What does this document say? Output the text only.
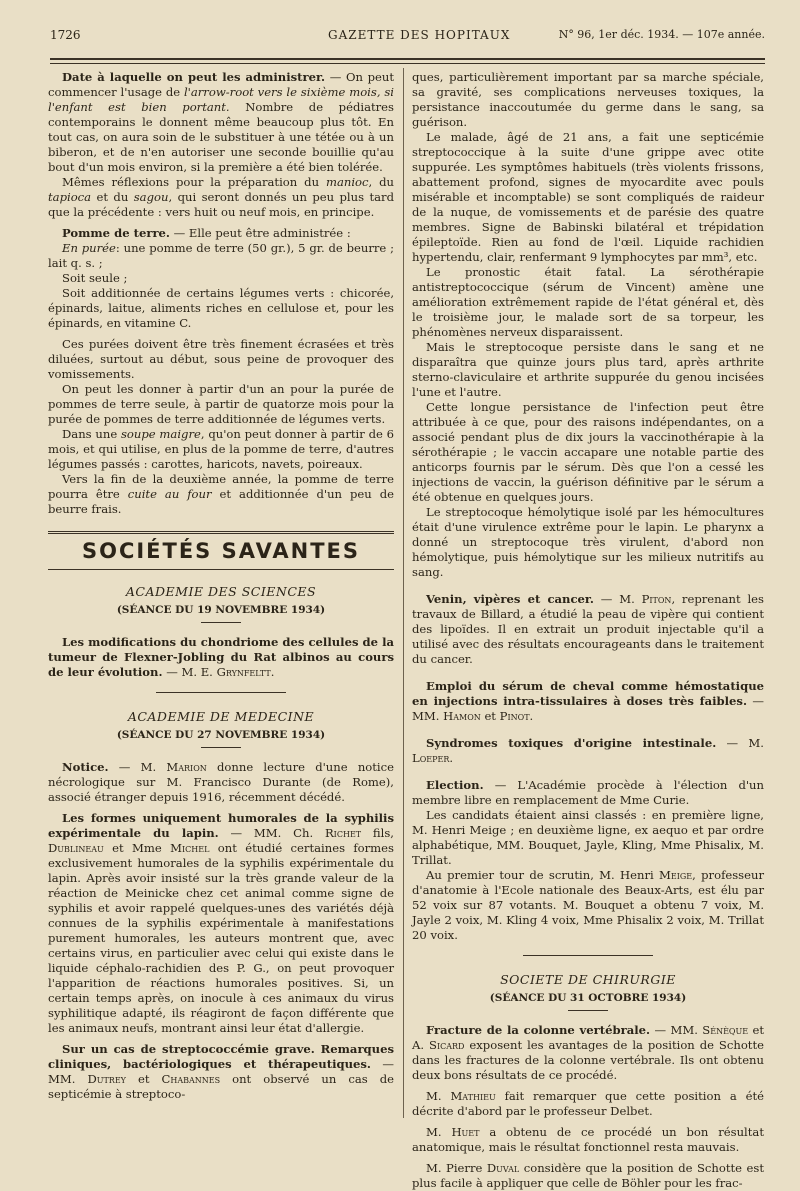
1726	GAZETTE DES HOPITAUX	N° 96, 1er déc. 1934. — 107e année.

Date à laquelle on peut les administrer. — On peut commencer l'usage de l'arrow-root vers le sixième mois, si l'enfant est bien portant. Nombre de pédiatres contemporains le donnent même beaucoup plus tôt. En tout cas, on aura soin de le substituer à une tétée ou à un biberon, et de n'en autoriser une seconde bouillie qu'au bout d'un mois environ, si la première a été bien tolérée.

Mêmes réflexions pour la préparation du manioc, du tapioca et du sagou, qui seront donnés un peu plus tard que la précédente : vers huit ou neuf mois, en principe.

Pomme de terre. — Elle peut être administrée :

En purée: une pomme de terre (50 gr.), 5 gr. de beurre ; lait q. s. ;

Soit seule ;

Soit additionnée de certains légumes verts : chicorée, épinards, laitue, aliments riches en cellulose et, pour les épinards, en vitamine C.

Ces purées doivent être très finement écrasées et très diluées, surtout au début, sous peine de provoquer des vomissements.

On peut les donner à partir d'un an pour la purée de pommes de terre seule, à partir de quatorze mois pour la purée de pommes de terre additionnée de légumes verts.

Dans une soupe maigre, qu'on peut donner à partir de 6 mois, et qui utilise, en plus de la pomme de terre, d'autres légumes passés : carottes, haricots, navets, poireaux.

Vers la fin de la deuxième année, la pomme de terre pourra être cuite au four et additionnée d'un peu de beurre frais.

SOCIÉTÉS SAVANTES

ACADEMIE DES SCIENCES

(SÉANCE DU 19 NOVEMBRE 1934)

Les modifications du chondriome des cellules de la tumeur de Flexner-Jobling du Rat albinos au cours de leur évolution. — M. E. Grynfeltt.

ACADEMIE DE MEDECINE

(SÉANCE DU 27 NOVEMBRE 1934)

Notice. — M. Marion donne lecture d'une notice nécrologique sur M. Francisco Durante (de Rome), associé étranger depuis 1916, récemment décédé.

Les formes uniquement humorales de la syphilis expérimentale du lapin. — MM. Ch. Richet fils, Dublineau et Mme Michel ont étudié certaines formes exclusivement humorales de la syphilis expérimentale du lapin. Après avoir insisté sur la très grande valeur de la réaction de Meinicke chez cet animal comme signe de syphilis et avoir rappelé quelques-unes des variétés déjà connues de la syphilis expérimentale à manifestations purement humorales, les auteurs montrent que, avec certains virus, en particulier avec celui qui existe dans le liquide céphalo-rachidien des P. G., on peut provoquer l'apparition de réactions humorales positives. Si, un certain temps après, on inocule à ces animaux du virus syphilitique adapté, ils réagiront de façon différente que les animaux neufs, montrant ainsi leur état d'allergie.

Sur un cas de streptococcémie grave. Remarques cliniques, bactériologiques et thérapeutiques. — MM. Dutrey et Chabannes ont observé un cas de septicémie à streptoco-

ques, particulièrement important par sa marche spéciale, sa gravité, ses complications nerveuses toxiques, la persistance inaccoutumée du germe dans le sang, sa guérison.

Le malade, âgé de 21 ans, a fait une septicémie streptococcique à la suite d'une grippe avec otite suppurée. Les symptômes habituels (très violents frissons, abattement profond, signes de myocardite avec pouls misérable et incomptable) se sont compliqués de raideur de la nuque, de vomissements et de parésie des quatre membres. Signe de Babinski bilatéral et trépidation épileptoïde. Rien au fond de l'œil. Liquide rachidien hypertendu, clair, renfermant 9 lymphocytes par mm³, etc.

Le pronostic était fatal. La sérothérapie antistreptococcique (sérum de Vincent) amène une amélioration extrêmement rapide de l'état général et, dès le troisième jour, le malade sort de sa torpeur, les phénomènes nerveux disparaissent.

Mais le streptocoque persiste dans le sang et ne disparaîtra que quinze jours plus tard, après arthrite sterno-claviculaire et arthrite suppurée du genou incisées l'une et l'autre.

Cette longue persistance de l'infection peut être attribuée à ce que, pour des raisons indépendantes, on a associé pendant plus de dix jours la vaccinothérapie à la sérothérapie ; le vaccin accapare une notable partie des anticorps fournis par le sérum. Dès que l'on a cessé les injections de vaccin, la guérison définitive par le sérum a été obtenue en quelques jours.

Le streptocoque hémolytique isolé par les hémocultures était d'une virulence extrême pour le lapin. Le pharynx a donné un streptocoque très virulent, d'abord non hémolytique, puis hémolytique sur les milieux nutritifs au sang.

Venin, vipères et cancer. — M. Piton, reprenant les travaux de Billard, a étudié la peau de vipère qui contient des lipoïdes. Il en extrait un produit injectable qu'il a utilisé avec des résultats encourageants dans le traitement du cancer.

Emploi du sérum de cheval comme hémostatique en injections intra-tissulaires à doses très faibles. — MM. Hamon et Pinot.

Syndromes toxiques d'origine intestinale. — M. Loeper.

Election. — L'Académie procède à l'élection d'un membre libre en remplacement de Mme Curie.

Les candidats étaient ainsi classés : en première ligne, M. Henri Meige ; en deuxième ligne, ex aequo et par ordre alphabétique, MM. Bouquet, Jayle, Kling, Mme Phisalix, M. Trillat.

Au premier tour de scrutin, M. Henri Meige, professeur d'anatomie à l'Ecole nationale des Beaux-Arts, est élu par 52 voix sur 87 votants. M. Bouquet a obtenu 7 voix, M. Jayle 2 voix, M. Kling 4 voix, Mme Phisalix 2 voix, M. Trillat 20 voix.

SOCIETE DE CHIRURGIE

(SÉANCE DU 31 OCTOBRE 1934)

Fracture de la colonne vertébrale. — MM. Sénèque et A. Sicard exposent les avantages de la position de Schotte dans les fractures de la colonne vertébrale. Ils ont obtenu deux bons résultats de ce procédé.

M. Mathieu fait remarquer que cette position a été décrite d'abord par le professeur Delbet.

M. Huet a obtenu de ce procédé un bon résultat anatomique, mais le résultat fonctionnel resta mauvais.

M. Pierre Duval considère que la position de Schotte est plus facile à appliquer que celle de Böhler pour les frac-
